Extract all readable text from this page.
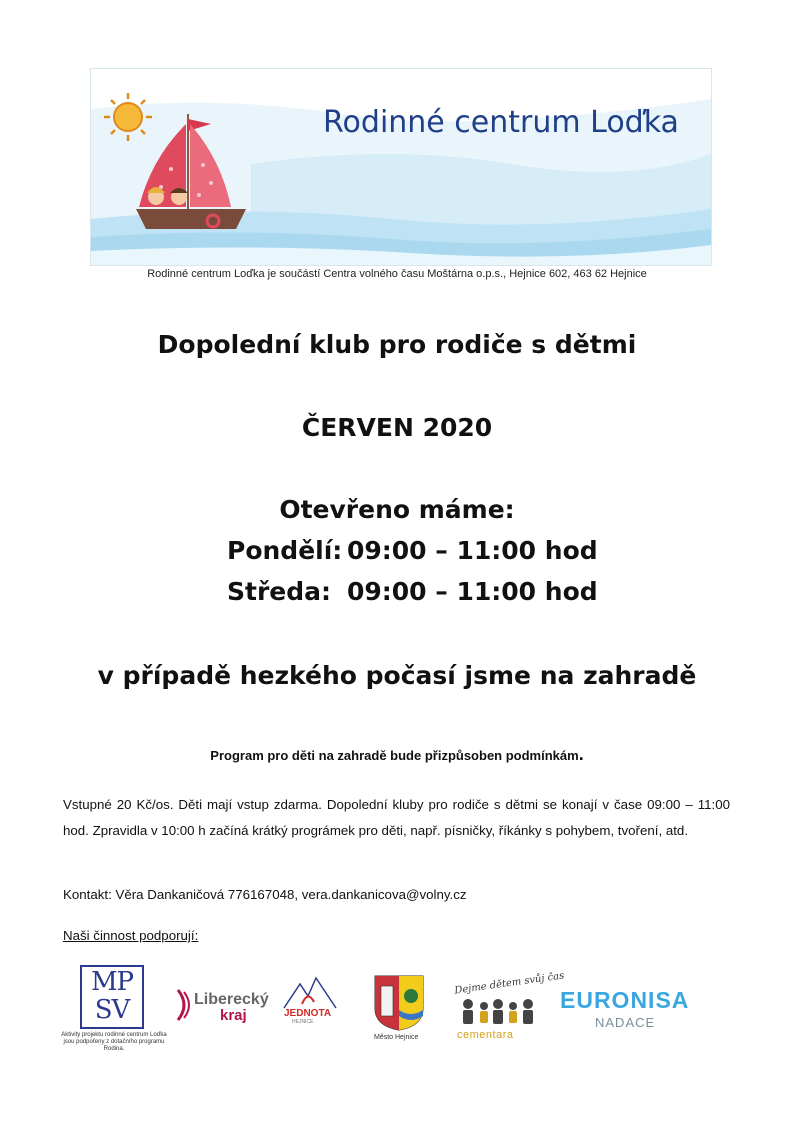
Rodinné centrum Loďka
Rodinné centrum Loďka je součástí Centra volného času Moštárna o.p.s., Hejnice 602, 463 62 Hejnice
Dopolední klub pro rodiče s dětmi
ČERVEN 2020
Otevřeno máme:
Pondělí: 09:00 – 11:00 hod
Středa: 09:00 – 11:00 hod
v případě hezkého počasí jsme na zahradě
Program pro děti na zahradě bude přizpůsoben podmínkám.
Vstupné 20 Kč/os. Děti mají vstup zdarma. Dopolední kluby pro rodiče s dětmi se konají v čase 09:00 – 11:00 hod. Zpravidla v 10:00 h začíná krátký prográmek pro děti, např. písničky, říkánky s pohybem, tvoření, atd.
Kontakt: Věra Dankaničová 776167048, vera.dankanicova@volny.cz
Naši činnost podporují:
MP
SV
Aktivity projektu rodinné centrum Loďka jsou podpořeny z dotačního programu Rodina.
Liberecký
kraj	JEDNOTA
HEJNICE
Město Hejnice
Dejme dětem svůj čas
cementara
EURONISA
NADACE
